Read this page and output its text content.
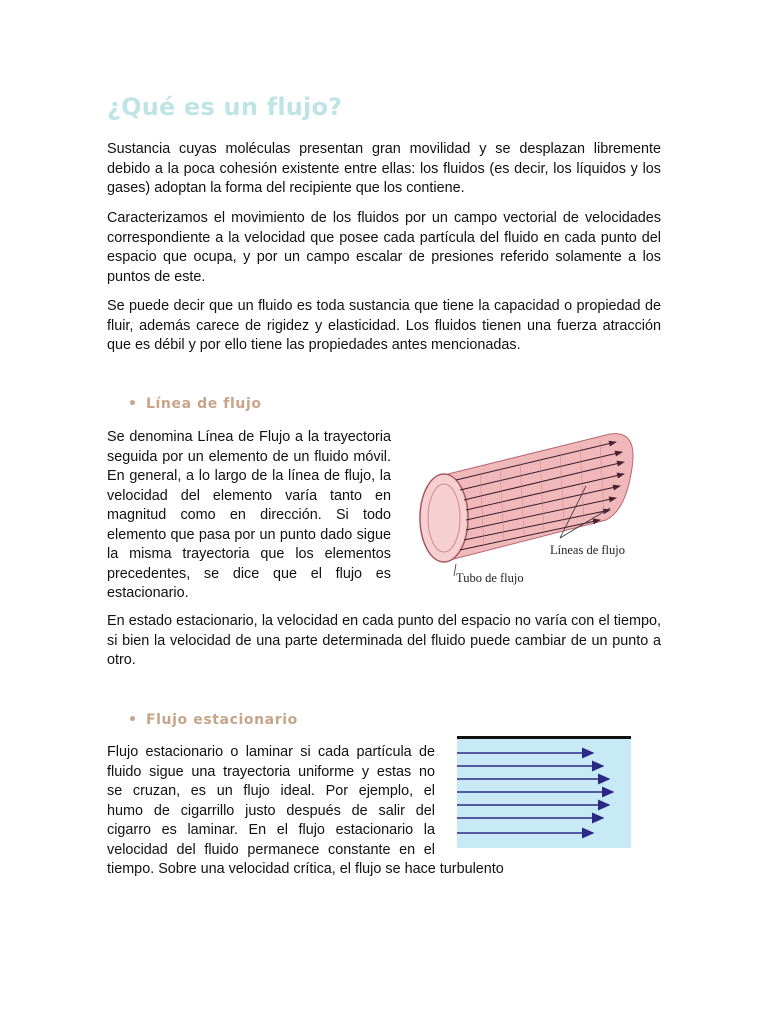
¿Qué es un flujo?

Sustancia cuyas moléculas presentan gran movilidad y se desplazan libremente debido a la poca cohesión existente entre ellas: los fluidos (es decir, los líquidos y los gases) adoptan la forma del recipiente que los contiene.

Caracterizamos el movimiento de los fluidos por un campo vectorial de velocidades correspondiente a la velocidad que posee cada partícula del fluido en cada punto del espacio que ocupa, y por un campo escalar de presiones referido solamente a los puntos de este.

Se puede decir que un fluido es toda sustancia que tiene la capacidad o propiedad de fluir, además carece de rigidez y elasticidad. Los fluidos tienen una fuerza atracción que es débil y por ello tiene las propiedades antes mencionadas.

• Línea de flujo

Se denomina Línea de Flujo a la trayectoria seguida por un elemento de un fluido móvil. En general, a lo largo de la línea de flujo, la velocidad del elemento varía tanto en magnitud como en dirección. Si todo elemento que pasa por un punto dado sigue la misma trayectoria que los elementos precedentes, se dice que el flujo es estacionario.

Líneas de flujo
Tubo de flujo

En estado estacionario, la velocidad en cada punto del espacio no varía con el tiempo, si bien la velocidad de una parte determinada del fluido puede cambiar de un punto a otro.

• Flujo estacionario
Flujo estacionario o laminar si cada partícula de
fluido sigue una trayectoria uniforme y estas no
se cruzan, es un flujo ideal. Por ejemplo, el
humo de cigarrillo justo después de salir del
cigarro es laminar. En el flujo estacionario la
velocidad del fluido permanece constante en el
tiempo. Sobre una velocidad crítica, el flujo se hace turbulento
